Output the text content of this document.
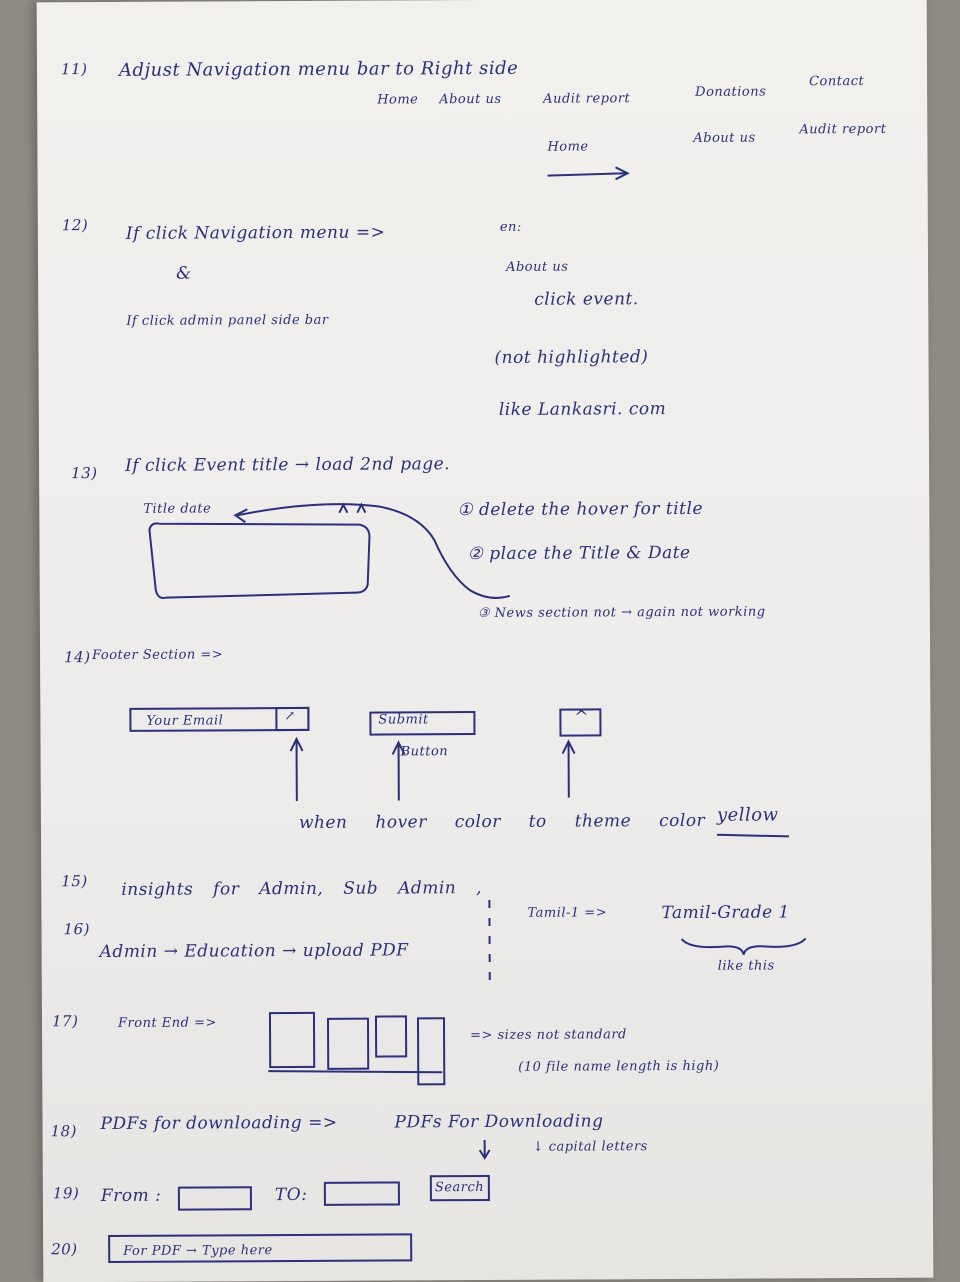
11) Adjust Navigation menu bar to Right side
Home About us	Audit report	Donations
Contact
Home
About us
Audit report
12) If click Navigation menu =>	en:
&	About us
click event.
If click admin panel side bar
(not highlighted)
like Lankasri. com
13) If click Event title → load 2nd page.
Title date	① delete the hover for title
② place the Title & Date
③ News section not → again not working
14) Footer Section =>
Your Email	↗	Submit
Button
^
when hover color to theme color yellow
15) insights for Admin, Sub Admin ,
16)
Admin → Education → upload PDF
Tamil-1 =>	Tamil-Grade 1
like this
17)	Front End =>
=> sizes not standard
(10 file name length is high)
18) PDFs for downloading =>	PDFs For Downloading
↓ capital letters
19) From :	TO:	Search
20)	For PDF → Type here
